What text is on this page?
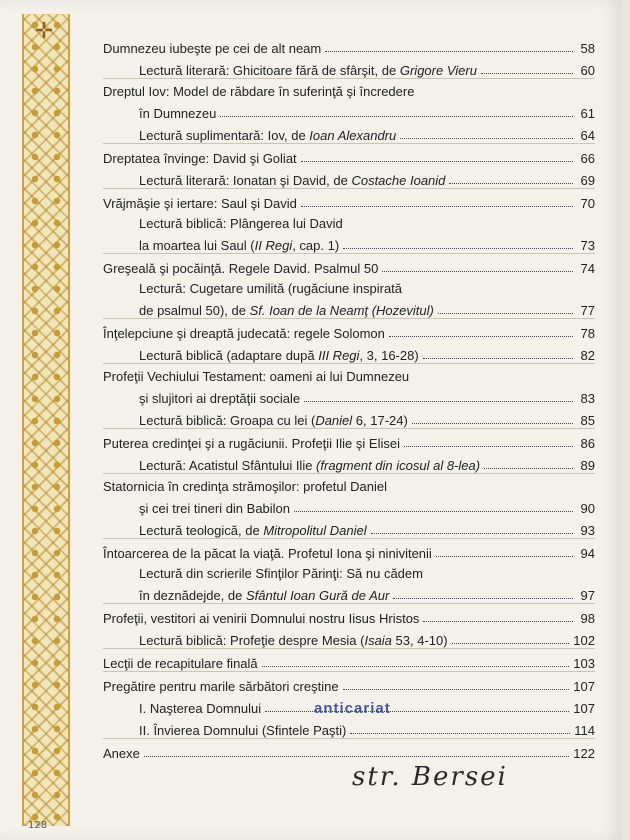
✛
128
Dumnezeu iubeşte pe cei de alt neam	58
Lectură literară: Ghicitoare fără de sfârşit, de Grigore Vieru	60
Dreptul Iov: Model de răbdare în suferinţă şi încredere
în Dumnezeu	61
Lectură suplimentară: Iov, de Ioan Alexandru	64
Dreptatea învinge: David şi Goliat	66
Lectură literară: Ionatan şi David, de Costache Ioanid	69
Vrăjmăşie şi iertare: Saul şi David	70
Lectură biblică: Plângerea lui David
la moartea lui Saul (II Regi, cap. 1)	73
Greşeală şi pocăinţă. Regele David. Psalmul 50	74
Lectură: Cugetare umilită (rugăciune inspirată
de psalmul 50), de Sf. Ioan de la Neamţ (Hozevitul)	77
Înţelepciune şi dreaptă judecată: regele Solomon	78
Lectură biblică (adaptare după III Regi, 3, 16-28)	82
Profeţii Vechiului Testament: oameni ai lui Dumnezeu
şi slujitori ai dreptăţii sociale	83
Lectură biblică: Groapa cu lei (Daniel 6, 17-24)	85
Puterea credinţei şi a rugăciunii. Profeţii Ilie şi Elisei	86
Lectură: Acatistul Sfântului Ilie (fragment din icosul al 8-lea)	89
Statornicia în credinţa strămoşilor: profetul Daniel
şi cei trei tineri din Babilon	90
Lectură teologică, de Mitropolitul Daniel	93
Întoarcerea de la păcat la viaţă. Profetul Iona şi ninivitenii	94
Lectură din scrierile Sfinţilor Părinţi: Să nu cădem
în deznădejde, de Sfântul Ioan Gură de Aur	97
Profeţii, vestitori ai venirii Domnului nostru Iisus Hristos	98
Lectură biblică: Profeţie despre Mesia (Isaia 53, 4-10)	102
Lecţii de recapitulare finală	103
Pregătire pentru marile sărbători creştine	107
I. Naşterea Domnului	107
II. Învierea Domnului (Sfintele Paşti)	114
Anexe	122
anticariat
str. Bersei
